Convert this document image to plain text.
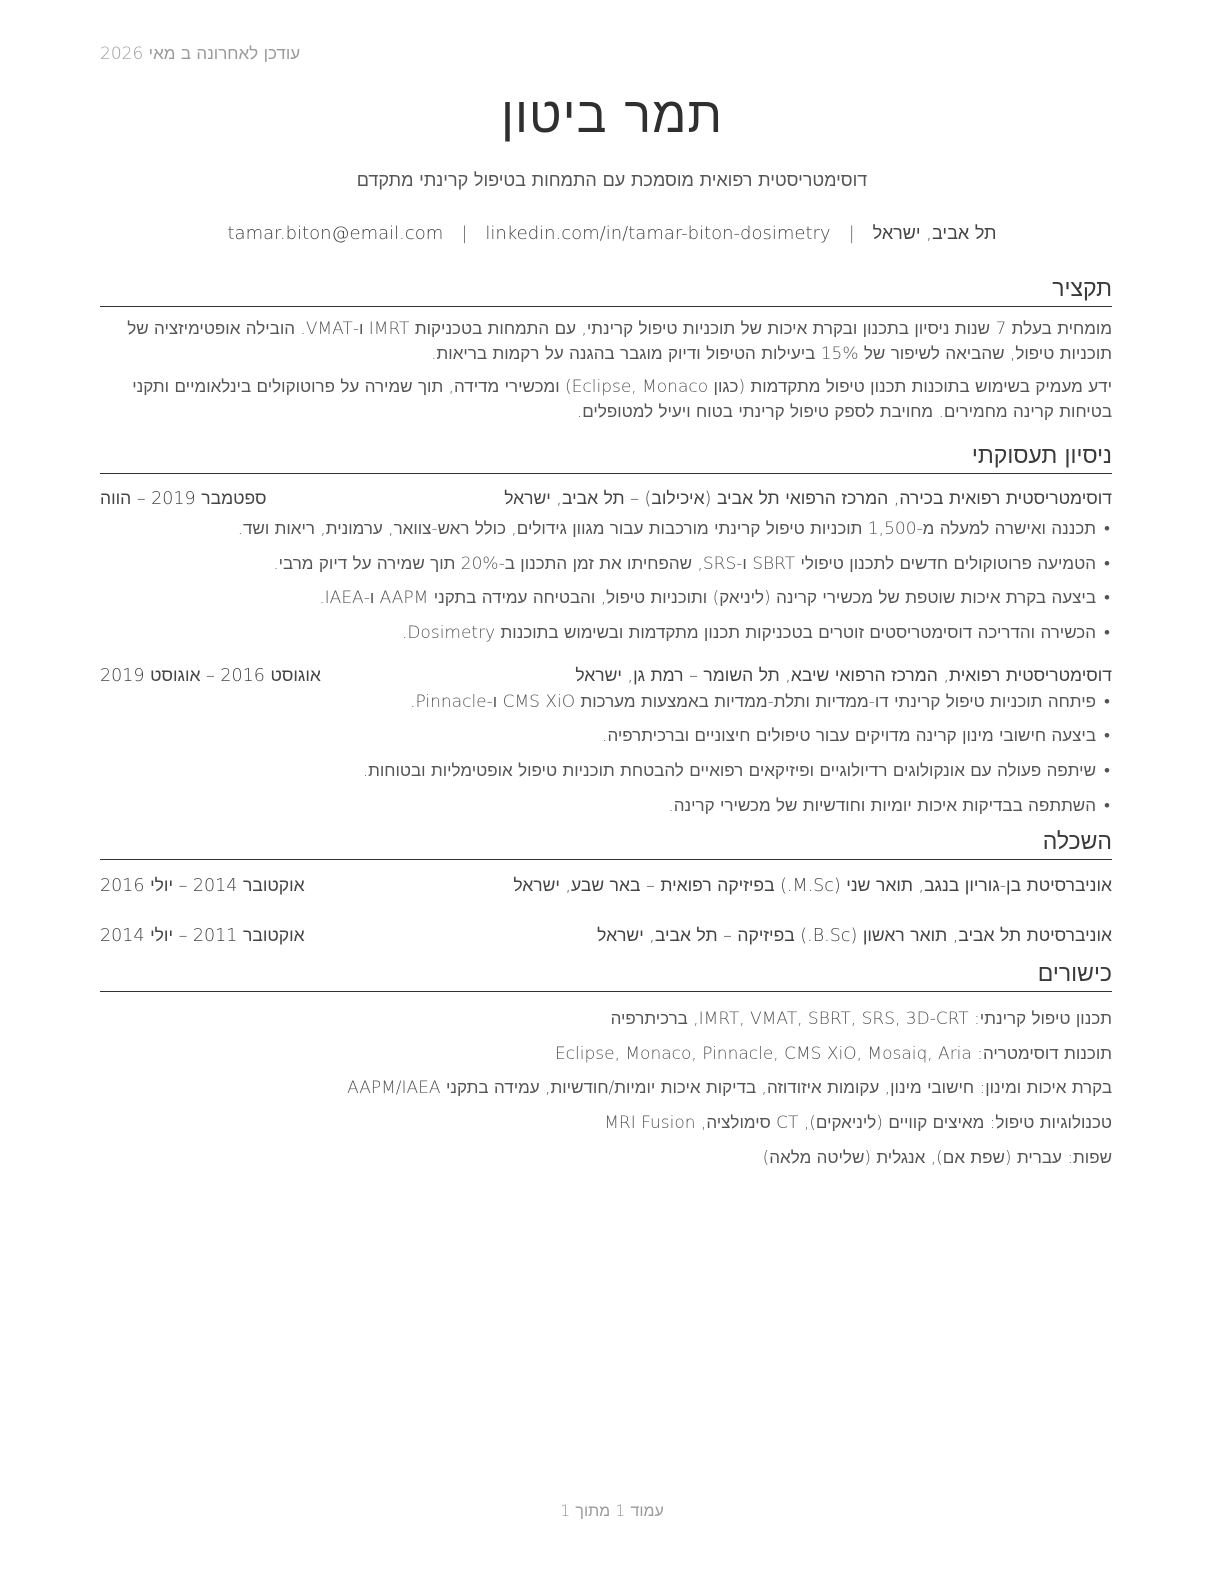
עודכן לאחרונה ב מאי 2026
תמר ביטון
דוסימטריסטית רפואית מוסמכת עם התמחות בטיפול קרינתי מתקדם
תל אביב, ישראל|tamar.biton@email.com | linkedin.com/in/tamar-biton-dosimetry
תקציר

מומחית בעלת 7 שנות ניסיון בתכנון ובקרת איכות של תוכניות טיפול קרינתי, עם התמחות בטכניקות IMRT ו-VMAT. הובילה אופטימיזציה של תוכניות טיפול, שהביאה לשיפור של 15% ביעילות הטיפול ודיוק מוגבר בהגנה על רקמות בריאות.

ידע מעמיק בשימוש בתוכנות תכנון טיפול מתקדמות (כגון Eclipse, Monaco) ומכשירי מדידה, תוך שמירה על פרוטוקולים בינלאומיים ותקני בטיחות קרינה מחמירים. מחויבת לספק טיפול קרינתי בטוח ויעיל למטופלים.

ניסיון תעסוקתי
דוסימטריסטית רפואית בכירה, המרכז הרפואי תל אביב (איכילוב) – תל אביב, ישראל
ספטמבר 2019 – הווה
• תכננה ואישרה למעלה מ-1,500 תוכניות טיפול קרינתי מורכבות עבור מגוון גידולים, כולל ראש-צוואר, ערמונית, ריאות ושד.
• הטמיעה פרוטוקולים חדשים לתכנון טיפולי SBRT ו-SRS, שהפחיתו את זמן התכנון ב-20% תוך שמירה על דיוק מרבי.
• ביצעה בקרת איכות שוטפת של מכשירי קרינה (ליניאק) ותוכניות טיפול, והבטיחה עמידה בתקני AAPM ו-IAEA.
• הכשירה והדריכה דוסימטריסטים זוטרים בטכניקות תכנון מתקדמות ובשימוש בתוכנות Dosimetry.
דוסימטריסטית רפואית, המרכז הרפואי שיבא, תל השומר – רמת גן, ישראל
אוגוסט 2016 – אוגוסט 2019
• פיתחה תוכניות טיפול קרינתי דו-ממדיות ותלת-ממדיות באמצעות מערכות CMS XiO ו-Pinnacle.
• ביצעה חישובי מינון קרינה מדויקים עבור טיפולים חיצוניים וברכיתרפיה.
• שיתפה פעולה עם אונקולוגים רדיולוגיים ופיזיקאים רפואיים להבטחת תוכניות טיפול אופטימליות ובטוחות.
• השתתפה בבדיקות איכות יומיות וחודשיות של מכשירי קרינה.
השכלה
אוניברסיטת בן-גוריון בנגב, תואר שני (M.Sc.) בפיזיקה רפואית – באר שבע, ישראל
אוקטובר 2014 – יולי 2016
אוניברסיטת תל אביב, תואר ראשון (B.Sc.) בפיזיקה – תל אביב, ישראל
אוקטובר 2011 – יולי 2014
כישורים
תכנון טיפול קרינתי: IMRT, VMAT, SBRT, SRS, 3D-CRT, ברכיתרפיה
תוכנות דוסימטריה: Eclipse, Monaco, Pinnacle, CMS XiO, Mosaiq, Aria
בקרת איכות ומינון: חישובי מינון, עקומות איזודוזה, בדיקות איכות יומיות/חודשיות, עמידה בתקני AAPM/IAEA
טכנולוגיות טיפול: מאיצים קוויים (ליניאקים), CT סימולציה, MRI Fusion
שפות: עברית (שפת אם), אנגלית (שליטה מלאה)
עמוד 1 מתוך 1
